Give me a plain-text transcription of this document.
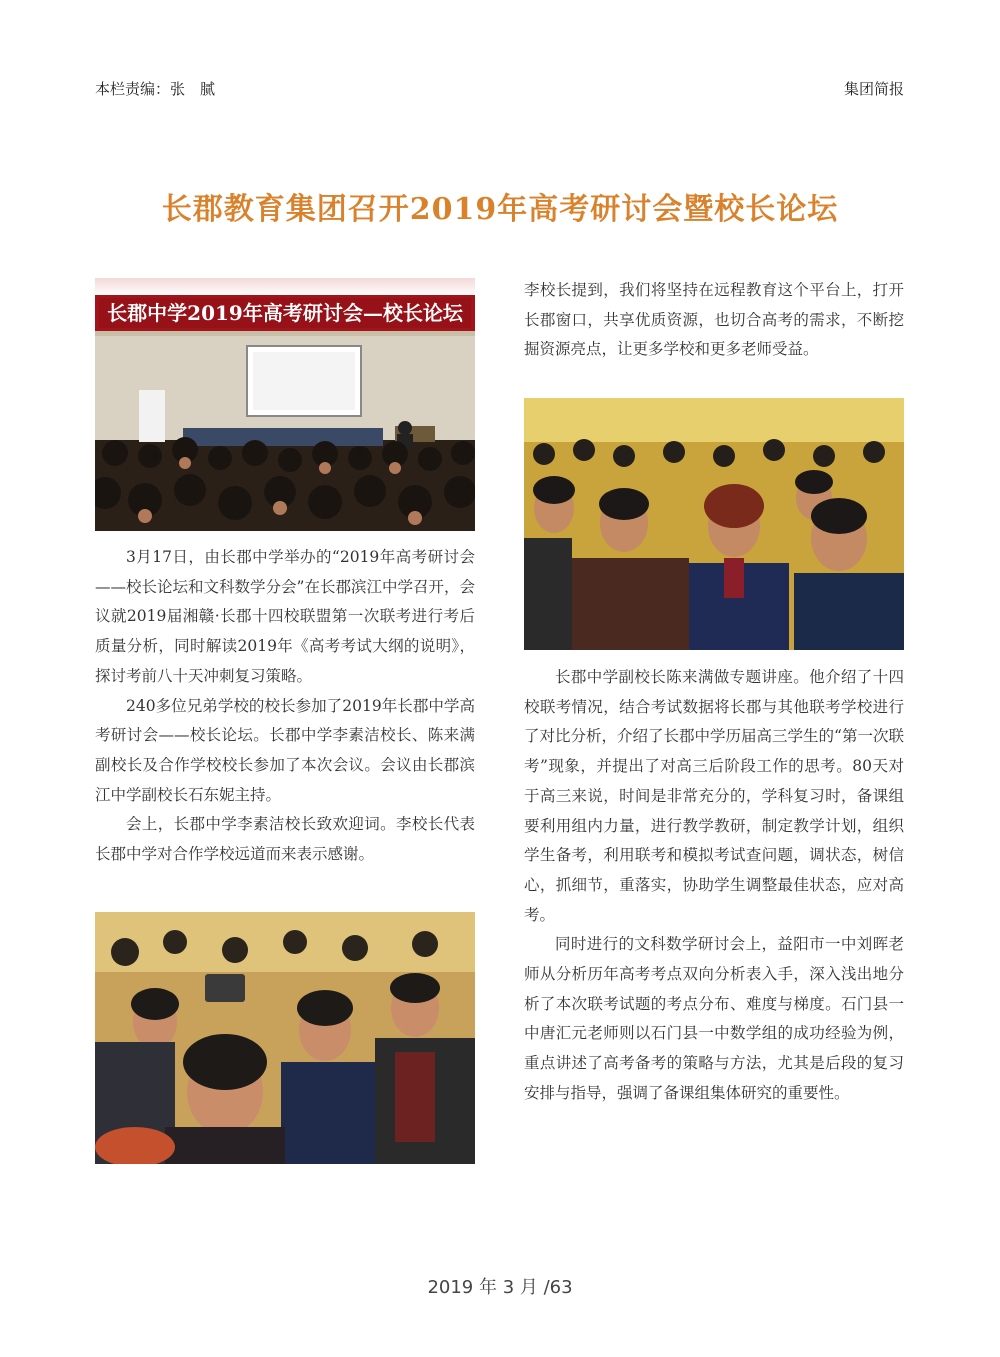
本栏责编：张　腻	集团简报
长郡教育集团召开2019年高考研讨会暨校长论坛
长郡中学2019年高考研讨会—校长论坛

3月17日，由长郡中学举办的“2019年高考研讨会——校长论坛和文科数学分会”在长郡滨江中学召开，会议就2019届湘赣·长郡十四校联盟第一次联考进行考后质量分析，同时解读2019年《高考考试大纲的说明》，探讨考前八十天冲刺复习策略。

240多位兄弟学校的校长参加了2019年长郡中学高考研讨会——校长论坛。长郡中学李素洁校长、陈来满副校长及合作学校校长参加了本次会议。会议由长郡滨江中学副校长石东妮主持。

会上，长郡中学李素洁校长致欢迎词。李校长代表长郡中学对合作学校远道而来表示感谢。

李校长提到，我们将坚持在远程教育这个平台上，打开长郡窗口，共享优质资源，也切合高考的需求，不断挖掘资源亮点，让更多学校和更多老师受益。

长郡中学副校长陈来满做专题讲座。他介绍了十四校联考情况，结合考试数据将长郡与其他联考学校进行了对比分析，介绍了长郡中学历届高三学生的“第一次联考”现象，并提出了对高三后阶段工作的思考。80天对于高三来说，时间是非常充分的，学科复习时，备课组要利用组内力量，进行教学教研，制定教学计划，组织学生备考，利用联考和模拟考试查问题，调状态，树信心，抓细节，重落实，协助学生调整最佳状态，应对高考。

同时进行的文科数学研讨会上，益阳市一中刘晖老师从分析历年高考考点双向分析表入手，深入浅出地分析了本次联考试题的考点分布、难度与梯度。石门县一中唐汇元老师则以石门县一中数学组的成功经验为例，重点讲述了高考备考的策略与方法，尤其是后段的复习安排与指导，强调了备课组集体研究的重要性。

2019 年 3 月 /63
